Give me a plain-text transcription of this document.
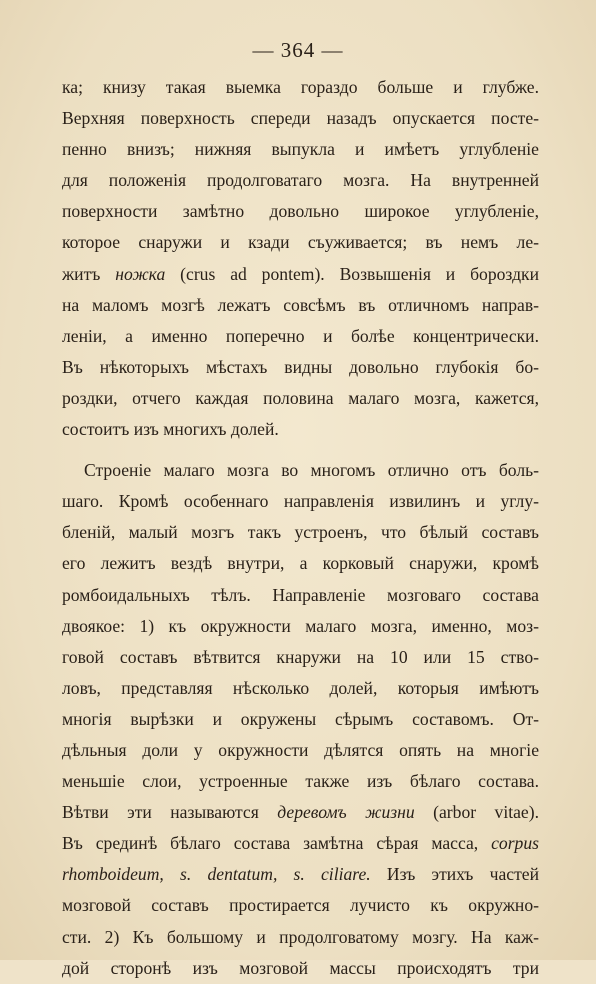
— 364 —
ка; книзу такая выемка гораздо больше и глубже.
Верхняя поверхность спереди назадъ опускается посте-
пенно внизъ; нижняя выпукла и имѣетъ углубленіе
для положенія продолговатаго мозга. На внутренней
поверхности замѣтно довольно широкое углубленіе,
которое снаружи и кзади съуживается; въ немъ ле-
житъ ножка (crus ad pontem). Возвышенія и бороздки
на маломъ мозгѣ лежатъ совсѣмъ въ отличномъ направ-
леніи, а именно поперечно и болѣе концентрически.
Въ нѣкоторыхъ мѣстахъ видны довольно глубокія бо-
роздки, отчего каждая половина малаго мозга, кажется,
состоитъ изъ многихъ долей.
Строеніе малаго мозга во многомъ отлично отъ боль-
шаго. Кромѣ особеннаго направленія извилинъ и углу-
бленій, малый мозгъ такъ устроенъ, что бѣлый составъ
его лежитъ вездѣ внутри, а корковый снаружи, кромѣ
ромбоидальныхъ тѣлъ. Направленіе мозговаго состава
двоякое: 1) къ окружности малаго мозга, именно, моз-
говой составъ вѣтвится кнаружи на 10 или 15 ство-
ловъ, представляя нѣсколько долей, которыя имѣютъ
многія вырѣзки и окружены сѣрымъ составомъ. От-
дѣльныя доли у окружности дѣлятся опять на многіе
меньшіе слои, устроенные также изъ бѣлаго состава.
Вѣтви эти называются деревомъ жизни (arbor vitae).
Въ срединѣ бѣлаго состава замѣтна сѣрая масса, corpus
rhomboideum, s. dentatum, s. ciliare. Изъ этихъ частей
мозговой составъ простирается лучисто къ окружно-
сти. 2) Къ большому и продолговатому мозгу. На каж-
дой сторонѣ изъ мозговой массы происходятъ три
